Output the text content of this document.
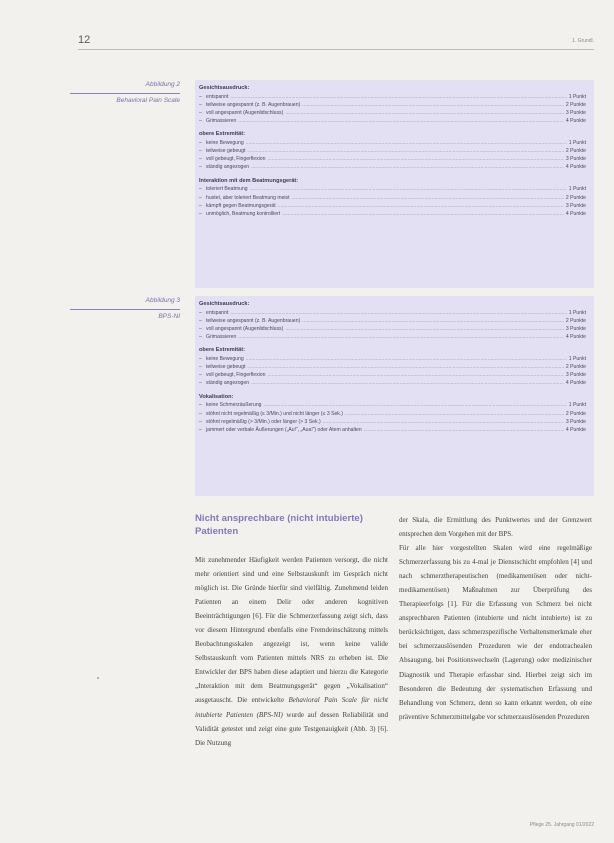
12	1. Grundl.
Abbildung 2
Behavioral Pain Scale
Gesichtsausdruck:
– entspannt .....	1 Punkt
– teilweise angespannt (z. B. Augenbrauen) .....	2 Punkte
– voll angespannt (Augenlidschluss) .....	3 Punkte
– Grimassieren .....	4 Punkte
obere Extremität:
– keine Bewegung .....	1 Punkt
– teilweise gebeugt .....	2 Punkte
– voll gebeugt, Fingerflexion .....	3 Punkte
– ständig angezogen .....	4 Punkte
Interaktion mit dem Beatmungsgerät:
– toleriert Beatmung .....	1 Punkt
– hustet, aber toleriert Beatmung meist .....	2 Punkte
– kämpft gegen Beatmungsgerät .....	3 Punkte
– unmöglich, Beatmung kontrolliert .....	4 Punkte
Abbildung 3
BPS-NI
Gesichtsausdruck:
– entspannt .....	1 Punkt
– teilweise angespannt (z. B. Augenbrauen) .....	2 Punkte
– voll angespannt (Augenlidschluss) .....	3 Punkte
– Grimassieren .....	4 Punkte
obere Extremität:
– keine Bewegung .....	1 Punkt
– teilweise gebeugt .....	2 Punkte
– voll gebeugt, Fingerflexion .....	3 Punkte
– ständig angezogen .....	4 Punkte
Vokalisation:
– keine Schmerzäußerung .....	1 Punkt
– stöhnt nicht regelmäßig (≤ 3/Min.) und nicht länger (≤ 3 Sek.) .....	2 Punkte
– stöhnt regelmäßig (> 3/Min.) oder länger (> 3 Sek.) .....	3 Punkte
– jammert oder verbale Äußerungen („Au!“, „Aua!“) oder Atem anhalten .....	4 Punkte
Nicht ansprechbare (nicht intubierte) Patienten

Mit zunehmender Häufigkeit werden Patienten versorgt, die nicht mehr orientiert sind und eine Selbstauskunft im Gespräch nicht möglich ist. Die Gründe hierfür sind vielfältig. Zunehmend leiden Patienten an einem Delir oder anderen kognitiven Beeinträchtigungen [6]. Für die Schmerzerfassung zeigt sich, dass vor diesem Hintergrund ebenfalls eine Fremdeinschätzung mittels Beobachtungsskalen angezeigt ist, wenn keine valide Selbstauskunft vom Patienten mittels NRS zu erheben ist. Die Entwickler der BPS haben diese adaptiert und hierzu die Kategorie „Interaktion mit dem Beatmungsgerät“ gegen „Vokalisation“ ausgetauscht. Die entwickelte Behavioral Pain Scale für nicht intubierte Patienten (BPS-NI) wurde auf dessen Reliabilität und Validität getestet und zeigt eine gute Testgenauigkeit (Abb. 3) [6]. Die Nutzung

der Skala, die Ermittlung des Punktwertes und der Grenzwert entsprechen dem Vorgehen mit der BPS.

Für alle hier vorgestellten Skalen wird eine regelmäßige Schmerzerfassung bis zu 4-mal je Dienstschicht empfohlen [4] und nach schmerztherapeutischen (medikamentösen oder nicht-medikamentösen) Maßnahmen zur Überprüfung des Therapieerfolgs [1]. Für die Erfassung von Schmerz bei nicht ansprechbaren Patienten (intubierte und nicht intubierte) ist zu berücksichtigen, dass schmerzspezifische Verhaltensmerkmale eher bei schmerzauslösenden Prozeduren wie der endotrachealen Absaugung, bei Positionswechseln (Lagerung) oder medizinischer Diagnostik und Therapie erfassbar sind. Hierbei zeigt sich im Besonderen die Bedeutung der systematischen Erfassung und Behandlung von Schmerz, denn so kann erkannt werden, ob eine präventive Schmerzmittelgabe vor schmerzauslösenden Prozeduren

Pflege 25. Jahrgang 01/2022
